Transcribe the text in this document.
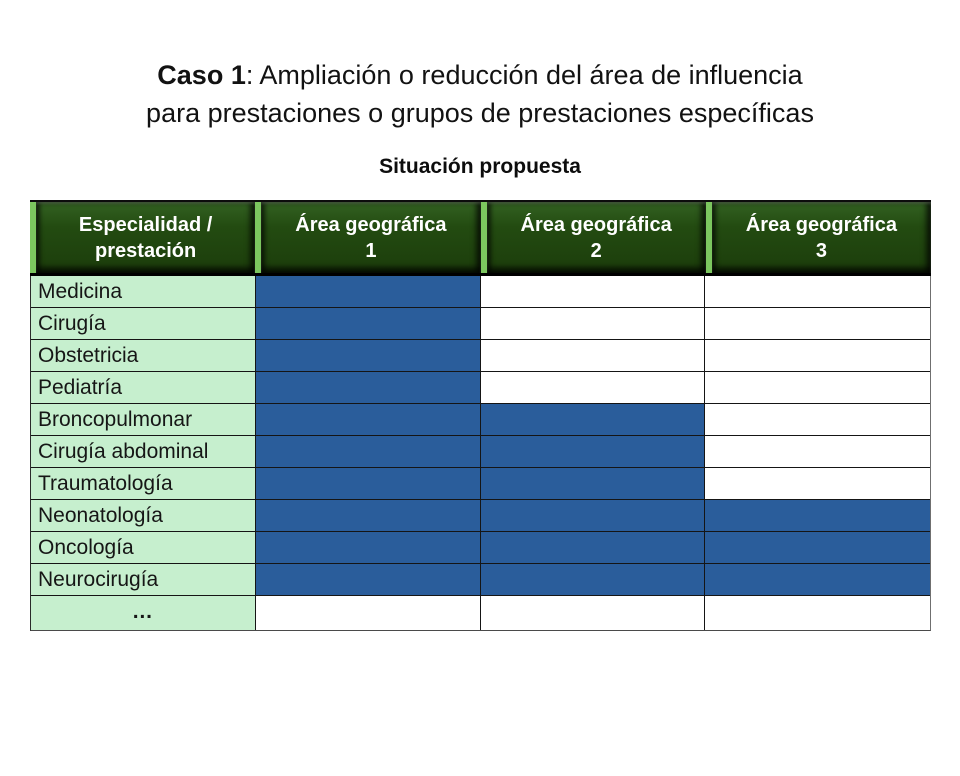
Caso 1: Ampliación o reducción del área de influencia
para prestaciones o grupos de prestaciones específicas
Situación propuesta
Especialidad /
prestación
Área geográfica
1
Área geográfica
2
Área geográfica
3
Medicina
Cirugía
Obstetricia
Pediatría
Broncopulmonar
Cirugía abdominal
Traumatología
Neonatología
Oncología
Neurocirugía
…
